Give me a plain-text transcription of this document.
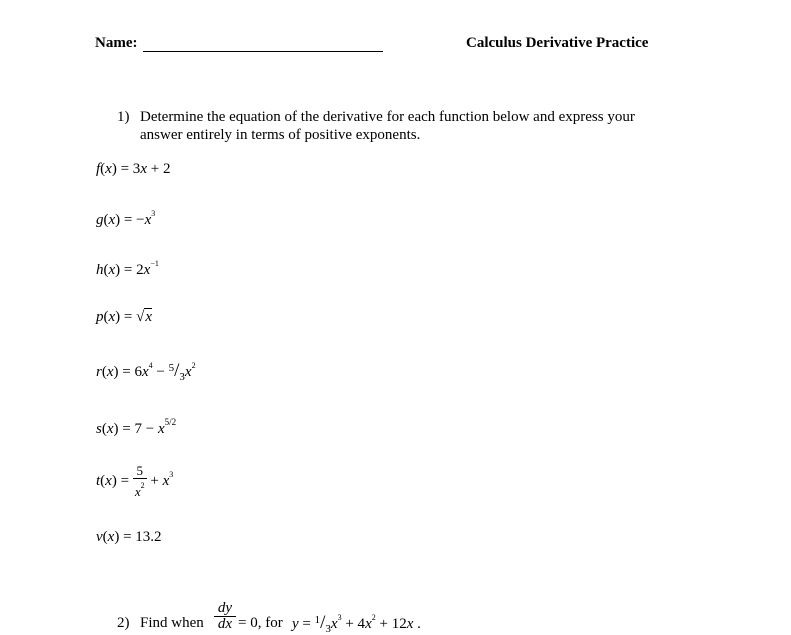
Name:	Calculus Derivative Practice
1) Determine the equation of the derivative for each function below and express your
answer entirely in terms of positive exponents.
f(x) = 3x + 2
$g(x) = -x^3$
$h(x) = 2x^{-1}$
p(x) = √x
$r(x) = 6x^4 - 5/3x^2$
$s(x) = 7 - x^{5/2}$
$t(x) = \frac{5}{x^2} + x^3$
v(x) = 13.2
2) Find when
dy
dx = 0, for $y = 1/3x^3 + 4x^2 + 12x$ .
